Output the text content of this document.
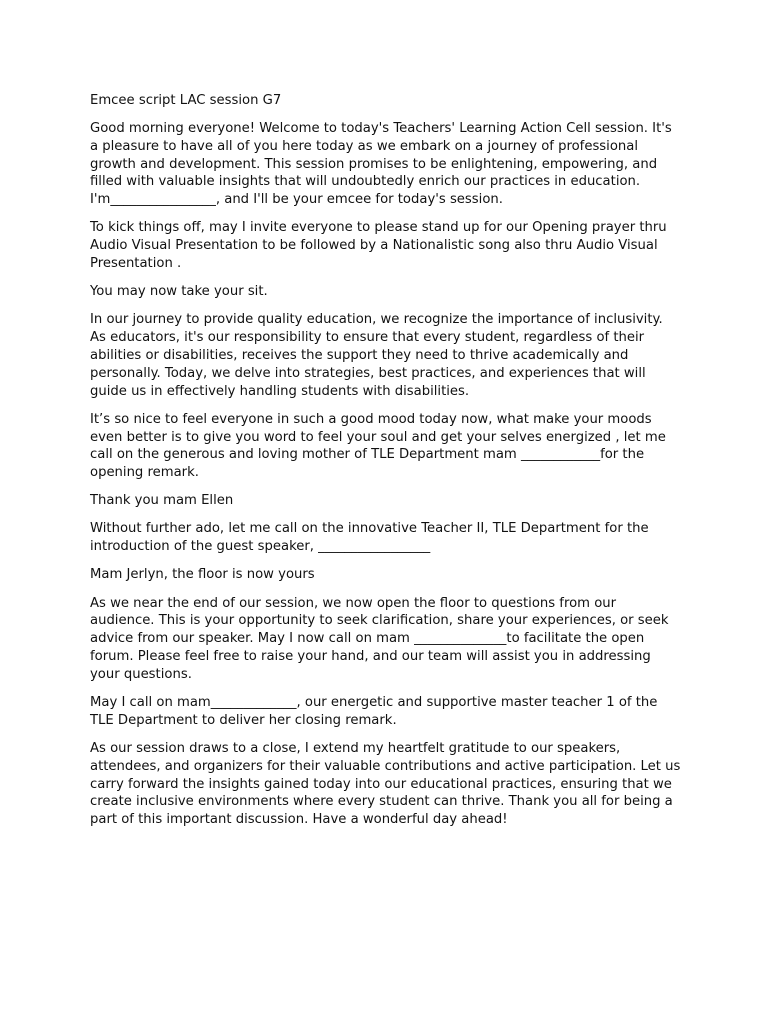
Emcee script LAC session G7

Good morning everyone! Welcome to today's Teachers' Learning Action Cell session. It's a pleasure to have all of you here today as we embark on a journey of professional growth and development. This session promises to be enlightening, empowering, and filled with valuable insights that will undoubtedly enrich our practices in education.  I'm________________, and I'll be your emcee for today's session.

To kick things off, may I invite everyone to please stand up for our Opening prayer thru Audio Visual Presentation to be followed by a Nationalistic song also thru Audio Visual Presentation .

You may now take your sit.

In our journey to provide quality education, we recognize the importance of inclusivity. As educators, it's our responsibility to ensure that every student, regardless of their abilities or disabilities, receives the support they need to thrive academically and personally. Today, we delve into strategies, best practices, and experiences that will guide us in effectively handling students with disabilities.

It’s so nice to feel everyone in such a good mood today now, what make your moods even better is to give you word to feel your soul and get your selves energized , let me call on the generous and loving mother of TLE Department mam ____________for the opening remark.

Thank you mam Ellen

Without further ado, let me call on the innovative Teacher II, TLE Department for the introduction of the guest speaker, _________________

Mam Jerlyn, the floor is now yours

As we near the end of our session, we now open the floor to questions from our audience. This is your opportunity to seek clarification, share your experiences, or seek advice from our speaker. May I now call on mam ______________to facilitate the open forum. Please feel free to raise your hand, and our team will assist you in addressing your questions.

May I call on mam_____________, our energetic and supportive master teacher 1 of the TLE Department to deliver her closing remark.

As our session draws to a close, I extend my heartfelt gratitude to our speakers, attendees, and organizers for their valuable contributions and active participation. Let us carry forward the insights gained today into our educational practices, ensuring that we create inclusive environments where every student can thrive. Thank you all for being a part of this important discussion. Have a wonderful day ahead!
